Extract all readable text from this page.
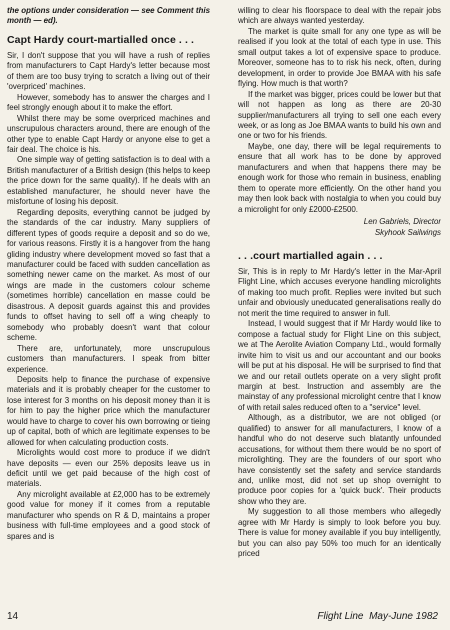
the options under consideration — see Comment this month — ed).

Capt Hardy court-martialled once . . .

Sir, I don't suppose that you will have a rush of replies from manufacturers to Capt Hardy's letter because most of them are too busy trying to scratch a living out of their 'overpriced' machines.

However, somebody has to answer the charges and I feel strongly enough about it to make the effort.

Whilst there may be some overpriced machines and unscrupulous characters around, there are enough of the other type to enable Capt Hardy or anyone else to get a fair deal. The choice is his.

One simple way of getting satisfaction is to deal with a British manufacturer of a British design (this helps to keep the price down for the same quality). If he deals with an established manufacturer, he should never have the misfortune of losing his deposit.

Regarding deposits, everything cannot be judged by the standards of the car industry. Many suppliers of different types of goods require a deposit and so do we, for various reasons. Firstly it is a hangover from the hang gliding industry where development moved so fast that a manufacturer could be faced with sudden cancellation as something newer came on the market. As most of our wings are made in the customers colour scheme (sometimes horrible) cancellation en masse could be disastrous. A deposit guards against this and provides funds to offset having to sell off a wing cheaply to somebody who probably doesn't want that colour scheme.

There are, unfortunately, more unscrupulous customers than manufacturers. I speak from bitter experience.

Deposits help to finance the purchase of expensive materials and it is probably cheaper for the customer to lose interest for 3 months on his deposit money than it is for him to pay the higher price which the manufacturer would have to charge to cover his own borrowing or tieing up of capital, both of which are legitimate expenses to be allowed for when calculating production costs.

Microlights would cost more to produce if we didn't have deposits — even our 25% deposits leave us in deficit until we get paid because of the high cost of materials.

Any microlight available at £2,000 has to be extremely good value for money if it comes from a reputable manufacturer who spends on R & D, maintains a proper business with full-time employees and a good stock of spares and is

willing to clear his floorspace to deal with the repair jobs which are always wanted yesterday.

The market is quite small for any one type as will be realised if you look at the total of each type in use. This small output takes a lot of expensive space to produce. Moreover, someone has to to risk his neck, often, during development, in order to provide Joe BMAA with his safe flying. How much is that worth?

If the market was bigger, prices could be lower but that will not happen as long as there are 20-30 supplier/manufacturers all trying to sell one each every week, or as long as Joe BMAA wants to build his own and one or two for his friends.

Maybe, one day, there will be legal requirements to ensure that all work has to be done by approved manufacturers and when that happens there may be enough work for those who remain in business, enabling them to operate more efficiently. On the other hand you may then look back with nostalgia to when you could buy a microlight for only £2000-£2500.

Len Gabriels, Director

Skyhook Sailwings

. . .court martialled again . . .

Sir, This is in reply to Mr Hardy's letter in the Mar-April Flight Line, which accuses everyone handling microlights of making too much profit. Replies were invited but such unfair and obviously uneducated generalisations really do not merit the time required to answer in full.

Instead, I would suggest that if Mr Hardy would like to compose a factual study for Flight Line on this subject, we at The Aerolite Aviation Company Ltd., would formally invite him to visit us and our accountant and our books will be put at his disposal. He will be surprised to find that we and our retail outlets operate on a very slight profit margin at best. Instruction and assembly are the mainstay of any professional microlight centre that I know of with retail sales reduced often to a "service" level.

Although, as a distributor, we are not obliged (or qualified) to answer for all manufacturers, I know of a handful who do not deserve such blatantly unfounded accusations, for without them there would be no sport of microlighting. They are the founders of our sport who have consistently set the safety and service standards and, unlike most, did not set up shop overnight to produce poor copies for a 'quick buck'. Their products show who they are.

My suggestion to all those members who allegedly agree with Mr Hardy is simply to look before you buy. There is value for money available if you buy intelligently, but you can also pay 50% too much for an identically priced

14	Flight Line May-June 1982
